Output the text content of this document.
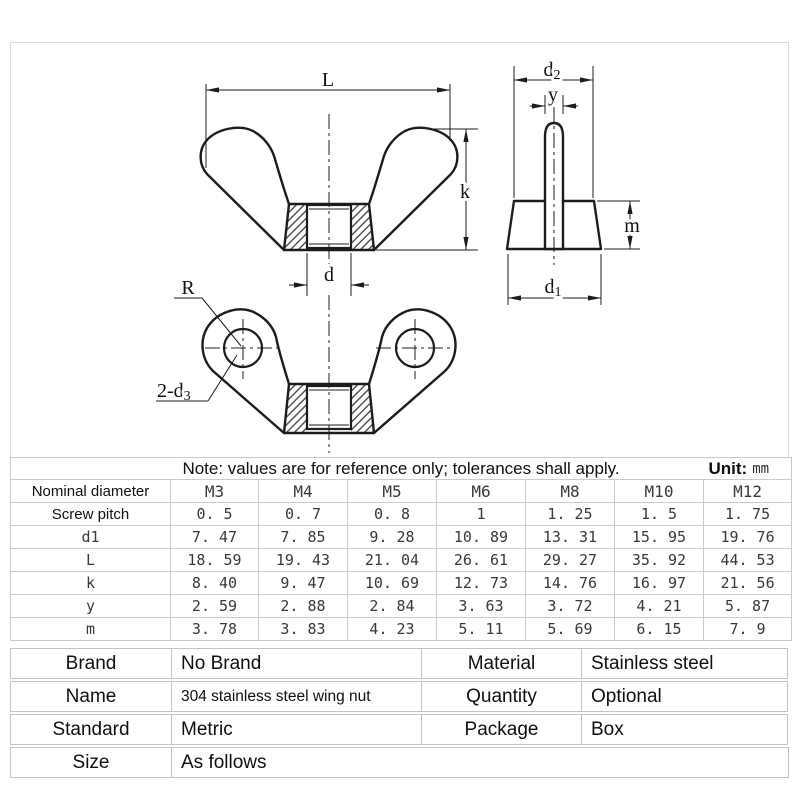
L
k
d
d2
y
m
d1
R
2-d3
Note: values are for reference only; tolerances shall apply. Unit: mm							

Nominal diameter	M3	M4	M5	M6	M8	M10	M12
Screw pitch	0. 5	0. 7	0. 8	1	1. 25	1. 5	1. 75
d1	7. 47	7. 85	9. 28	10. 89	13. 31	15. 95	19. 76
L	18. 59	19. 43	21. 04	26. 61	29. 27	35. 92	44. 53
k	8. 40	9. 47	10. 69	12. 73	14. 76	16. 97	21. 56
y	2. 59	2. 88	2. 84	3. 63	3. 72	4. 21	5. 87
m	3. 78	3. 83	4. 23	5. 11	5. 69	6. 15	7. 9
Brand	No Brand	Material	Stainless steel
Name	304 stainless steel wing nut	Quantity	Optional
Standard	Metric	Package	Box
Size	As follows
